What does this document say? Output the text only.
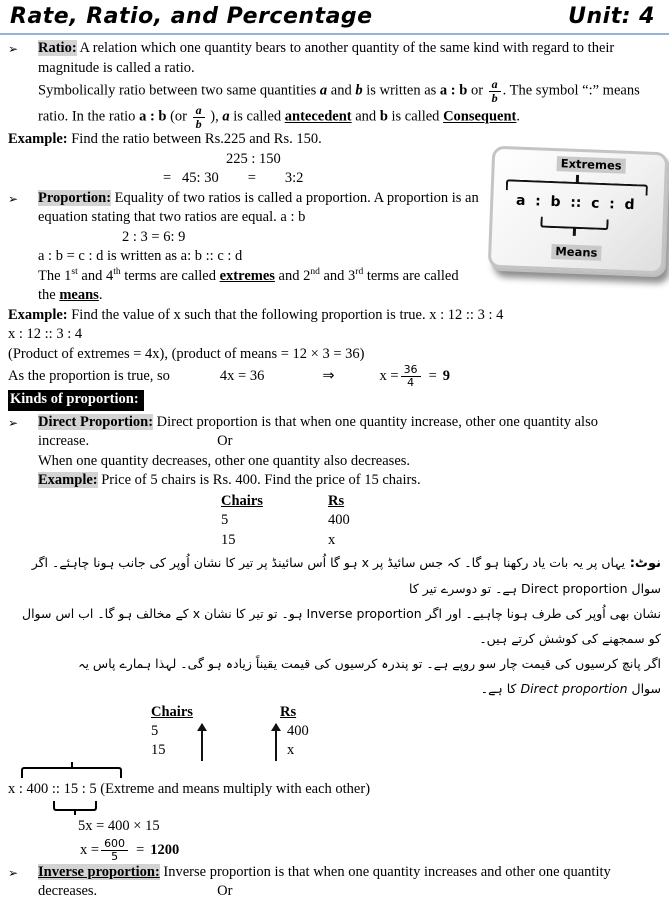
Rate, Ratio, and Percentage	Unit: 4
Extremes
a  :  b  ::  c  :  d
Means
➢	Ratio: A relation which one quantity bears to another quantity of the same kind with regard to their magnitude is called a ratio.

Symbolically ratio between two same quantities a and b is written as a : b or $\frac{a}{b}$ . The symbol “:” means ratio. In the ratio a : b ($or \frac{a}{b}$ ), a is called antecedent and b is called Consequent.

Example: Find the ratio between Rs.225 and Rs. 150.

225 : 150

=   45: 30        =        3:2

➢	Proportion: Equality of two ratios is called a proportion. A proportion is an equation stating that two ratios are equal. a : b

2 : 3 = 6: 9

a : b = c : d is written as a: b :: c : d

The 1st and 4th terms are called extremes and 2nd and 3rd terms are called

the means.

Example: Find the value of x such that the following proportion is true. x : 12 :: 3 : 4

x : 12 :: 3 : 4

(Product of extremes = 4x), (product of means = 12 × 3 = 36)

As the proportion is true, so	4x = 36	⇒	$x = \frac{36}{4} = 9$
Kinds of proportion:
➢	Direct Proportion: Direct proportion is that when one quantity increase, other one quantity also increase.	Or

When one quantity decreases, other one quantity also decreases.

Example: Price of 5 chairs is Rs. 400. Find the price of 15 chairs.

Chairs	Rs
5	400
15	x

نوٹ: یہاں پر یہ بات یاد رکھنا ہو گا۔ کہ جس سائیڈ پر x ہو گا اُس سائینڈ پر تیر کا نشان اُوپر کی جانب ہونا چاہئے۔ اگر سوال Direct proportion ہے۔ تو دوسرے تیر کا

نشان بھی اُوپر کی طرف ہونا چاہیے۔ اور اگر Inverse proportion ہو۔ تو تیر کا نشان x کے مخالف ہو گا۔ اب اس سوال کو سمجھنے کی کوشش کرتے ہیں۔

اگر پانچ کرسیوں کی قیمت چار سو روپے ہے۔ تو پندرہ کرسیوں کی قیمت یقیناً زیادہ ہو گی۔ لہذا ہمارے پاس یہ سوال Direct proportion کا ہے۔

Chairs	Rs
5	400
15	x

x : 400 :: 15 : 5 (Extreme and means multiply with each other)

5x = 400 × 15

$x = \frac{600}{5} = 1200$
➢	Inverse proportion: Inverse proportion is that when one quantity increases and other one quantity decreases.	Or
